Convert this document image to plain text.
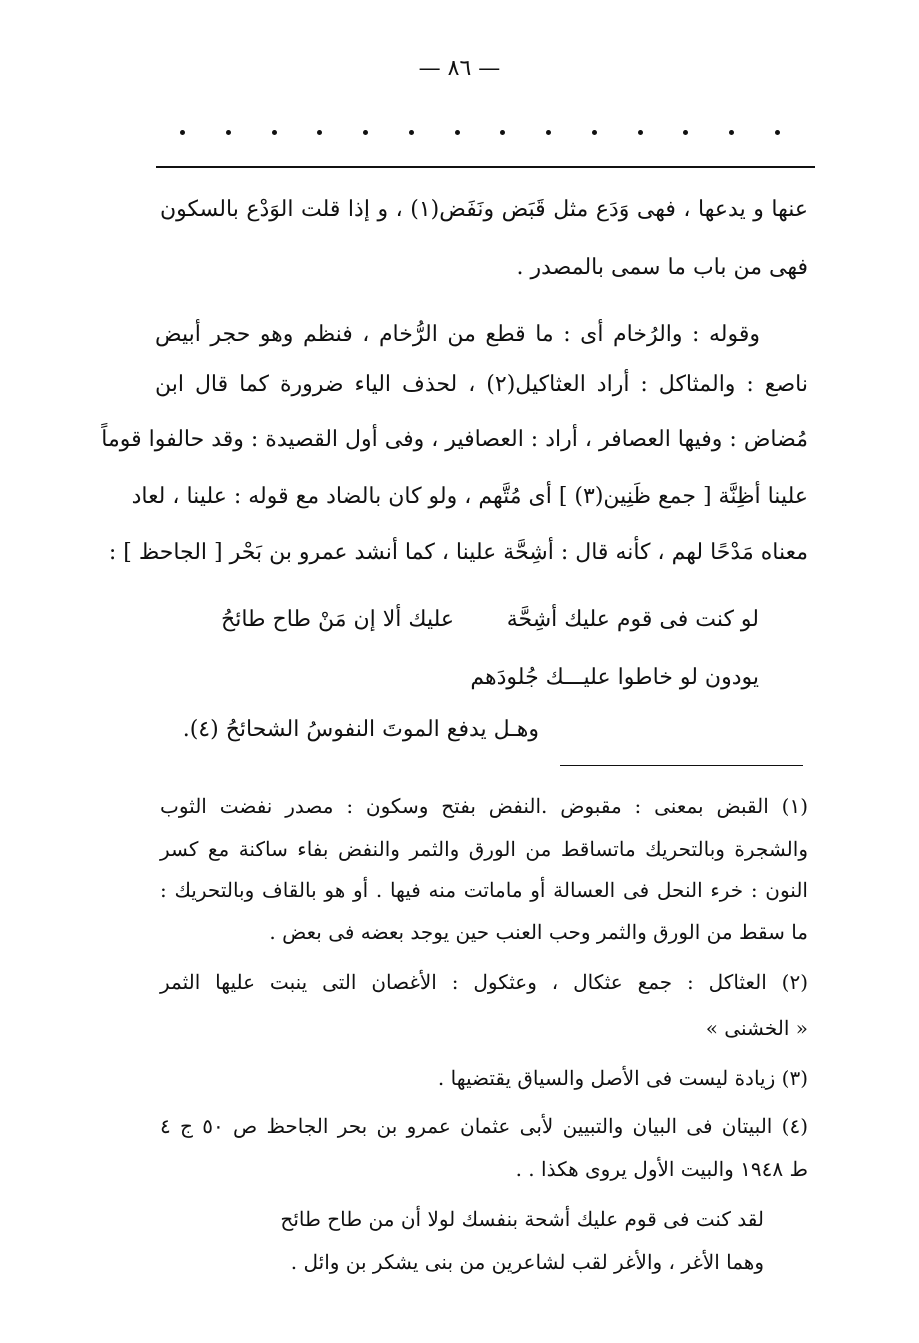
— ٨٦ —
عنها و يدعها ، فهى وَدَع مثل قَبَض ونَفَض(١) ، و إذا قلت الوَدْع بالسكون
فهى من باب ما سمى بالمصدر .
وقوله : والرُخام أى : ما قطع من الرُّخام ، فنظم وهو حجر أبيض
ناصع : والمثاكل : أراد العثاكيل(٢) ، لحذف الياء ضرورة كما قال ابن
مُضاض : وفيها العصافر ، أراد : العصافير ، وفى أول القصيدة : وقد حالفوا قوماً
علينا أظِنَّة [ جمع ظَنِين(٣) ] أى مُتَّهم ، ولو كان بالضاد مع قوله : علينا ، لعاد
معناه مَدْحًا لهم ، كأنه قال : أشِحَّة علينا ، كما أنشد عمرو بن بَحْر [ الجاحظ ] :
لو كنت فى قوم عليك أشِحَّة
عليك ألا إن مَنْ طاح طائحُ
يودون لو خاطوا عليـــك جُلودَهم
وهـل يدفع الموتَ النفوسُ الشحائحُ (٤).
(١) القبض بمعنى : مقبوض .النفض بفتح وسكون : مصدر نفضت الثوب
والشجرة وبالتحريك ماتساقط من الورق والثمر والنفض بفاء ساكنة مع كسر
النون : خرء النحل فى العسالة أو ماماتت منه فيها . أو هو بالقاف وبالتحريك :
ما سقط من الورق والثمر وحب العنب حين يوجد بعضه فى بعض .
(٢) العثاكل : جمع عثكال ، وعثكول : الأغصان التى ينبت عليها الثمر
« الخشنى »
(٣) زيادة ليست فى الأصل والسياق يقتضيها .
(٤) البيتان فى البيان والتبيين لأبى عثمان عمرو بن بحر الجاحظ ص ٥٠ ج ٤
ط ١٩٤٨ والبيت الأول يروى هكذا . .
لقد كنت فى قوم عليك أشحة بنفسك لولا أن من طاح طائح
وهما الأغر ، والأغر لقب لشاعرين من بنى يشكر بن وائل .
